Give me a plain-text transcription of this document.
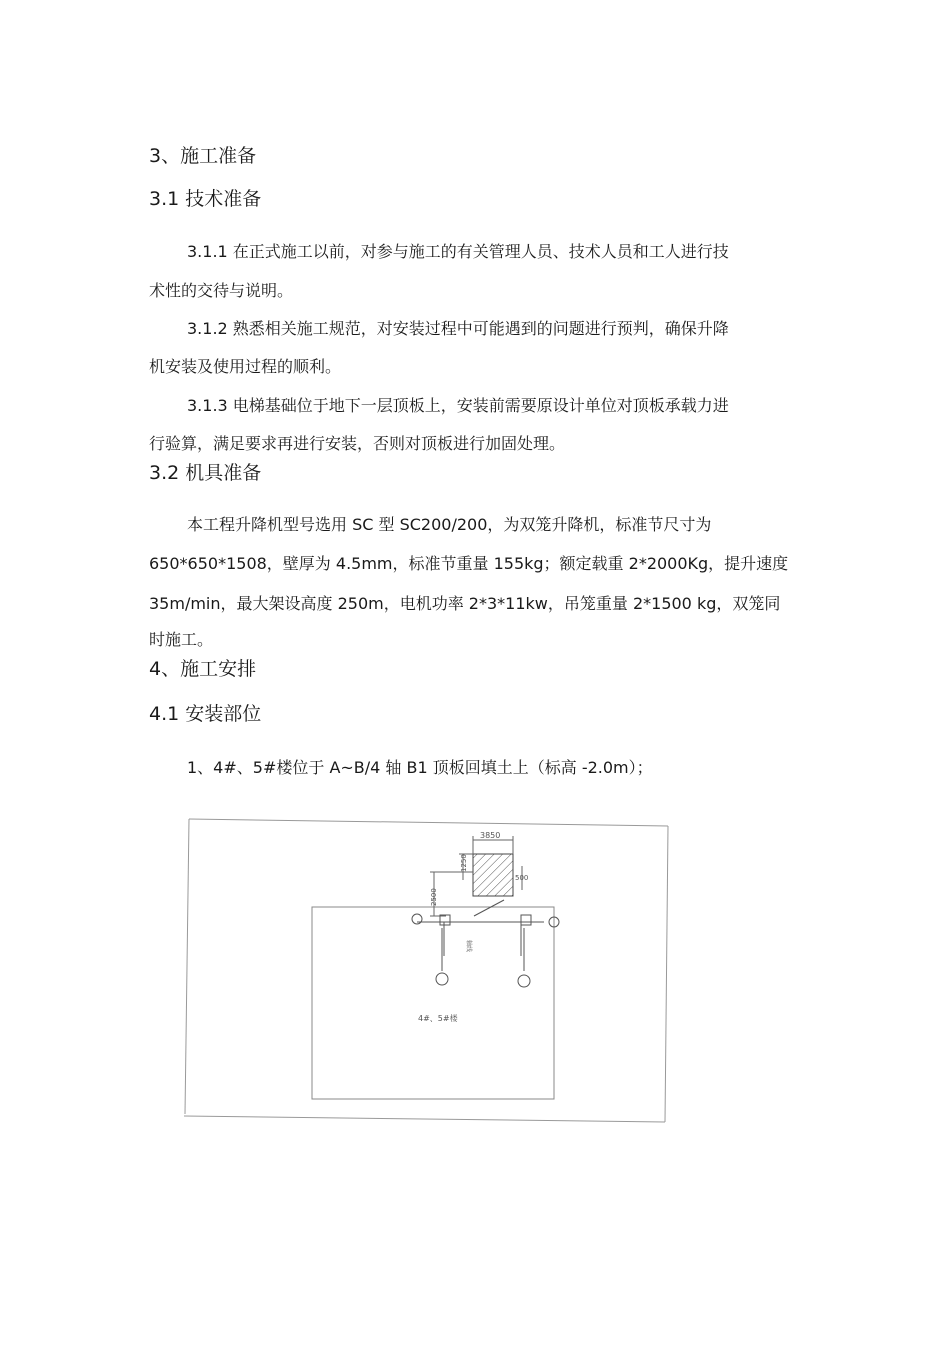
3、施工准备
3.1 技术准备
3.1.1 在正式施工以前，对参与施工的有关管理人员、技术人员和工人进行技
术性的交待与说明。
3.1.2 熟悉相关施工规范，对安装过程中可能遇到的问题进行预判，确保升降
机安装及使用过程的顺利。
3.1.3 电梯基础位于地下一层顶板上，安装前需要原设计单位对顶板承载力进
行验算，满足要求再进行安装，否则对顶板进行加固处理。
3.2 机具准备
本工程升降机型号选用 SC 型 SC200/200，为双笼升降机，标准节尺寸为
650*650*1508，壁厚为 4.5mm，标准节重量 155kg；额定载重 2*2000Kg，提升速度
35m/min，最大架设高度 250m，电机功率 2*3*11kw，吊笼重量 2*1500 kg，双笼同
时施工。
4、施工安排
4.1 安装部位
1、4#、5#楼位于 A~B/4 轴 B1 顶板回填土上（标高 -2.0m）；
3850
1250
500
2500
轴线
4#、5#楼
